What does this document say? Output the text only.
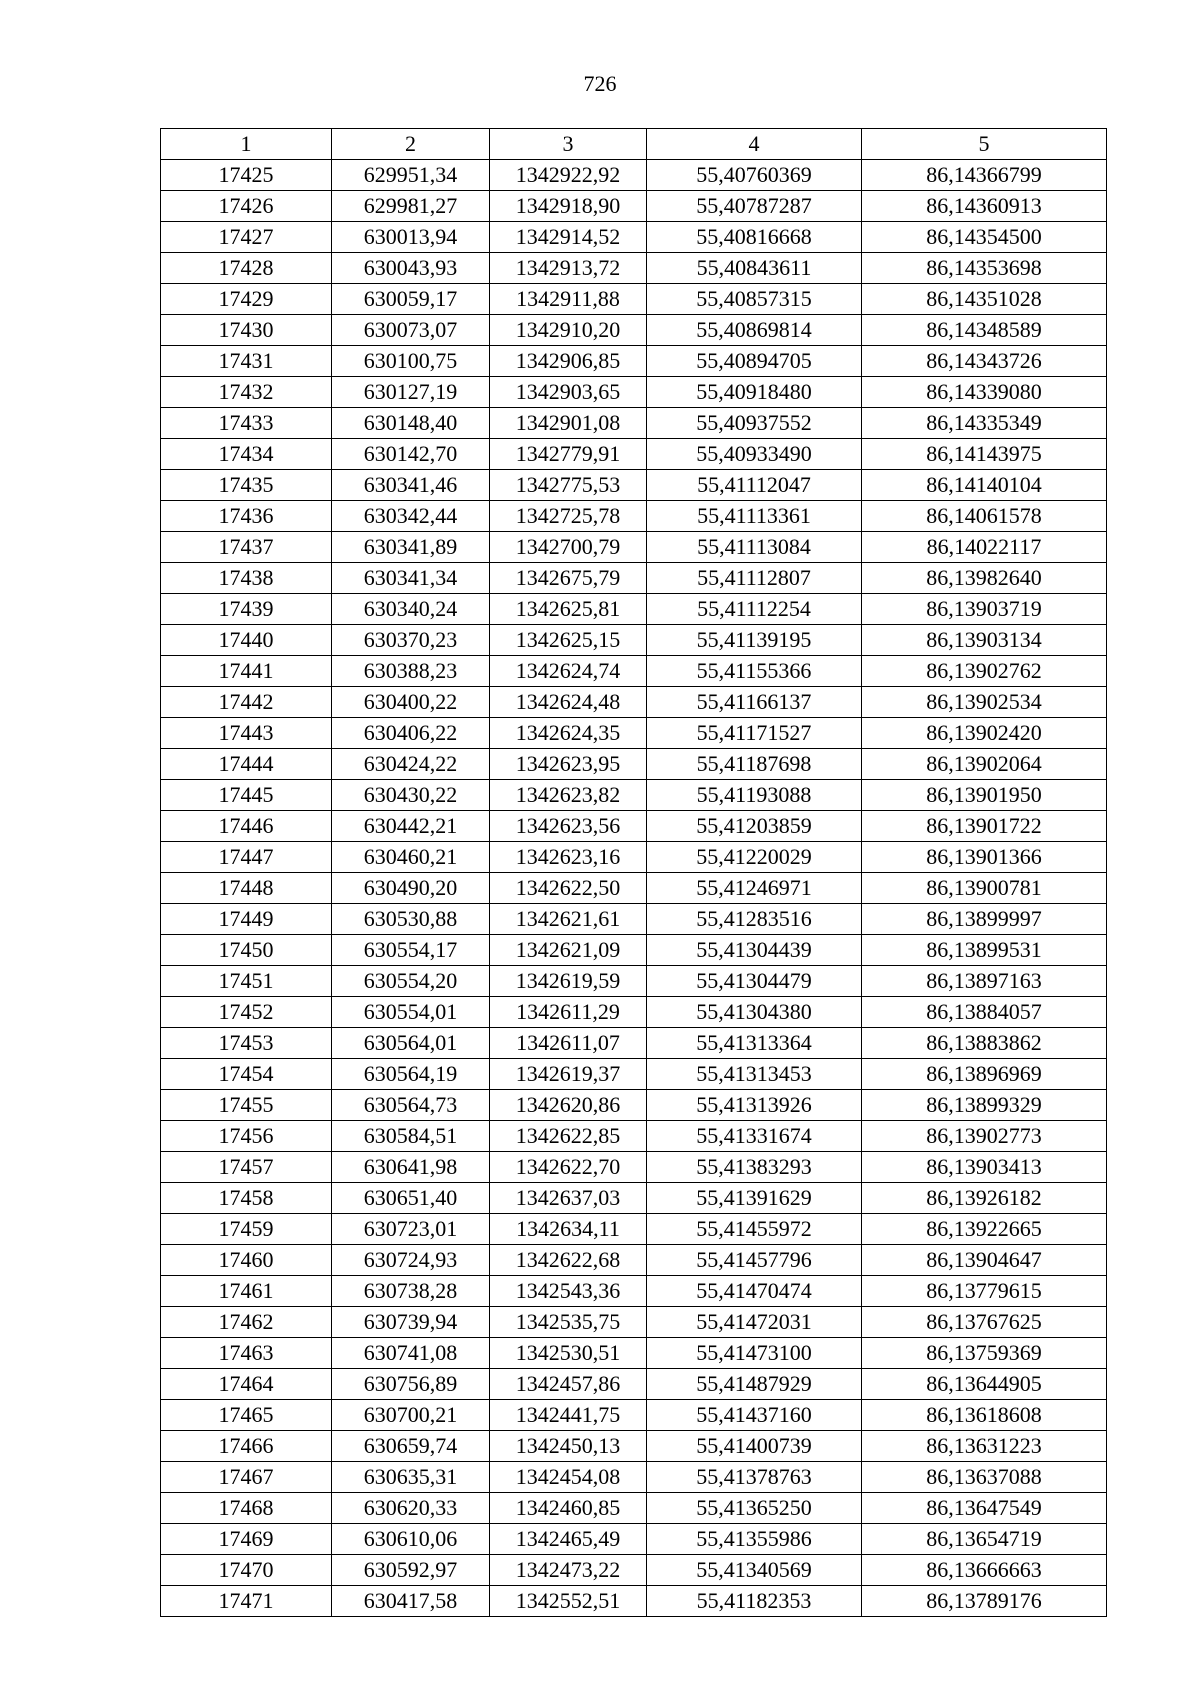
726
1	2	3	4	5
17425	629951,34	1342922,92	55,40760369	86,14366799
17426	629981,27	1342918,90	55,40787287	86,14360913
17427	630013,94	1342914,52	55,40816668	86,14354500
17428	630043,93	1342913,72	55,40843611	86,14353698
17429	630059,17	1342911,88	55,40857315	86,14351028
17430	630073,07	1342910,20	55,40869814	86,14348589
17431	630100,75	1342906,85	55,40894705	86,14343726
17432	630127,19	1342903,65	55,40918480	86,14339080
17433	630148,40	1342901,08	55,40937552	86,14335349
17434	630142,70	1342779,91	55,40933490	86,14143975
17435	630341,46	1342775,53	55,41112047	86,14140104
17436	630342,44	1342725,78	55,41113361	86,14061578
17437	630341,89	1342700,79	55,41113084	86,14022117
17438	630341,34	1342675,79	55,41112807	86,13982640
17439	630340,24	1342625,81	55,41112254	86,13903719
17440	630370,23	1342625,15	55,41139195	86,13903134
17441	630388,23	1342624,74	55,41155366	86,13902762
17442	630400,22	1342624,48	55,41166137	86,13902534
17443	630406,22	1342624,35	55,41171527	86,13902420
17444	630424,22	1342623,95	55,41187698	86,13902064
17445	630430,22	1342623,82	55,41193088	86,13901950
17446	630442,21	1342623,56	55,41203859	86,13901722
17447	630460,21	1342623,16	55,41220029	86,13901366
17448	630490,20	1342622,50	55,41246971	86,13900781
17449	630530,88	1342621,61	55,41283516	86,13899997
17450	630554,17	1342621,09	55,41304439	86,13899531
17451	630554,20	1342619,59	55,41304479	86,13897163
17452	630554,01	1342611,29	55,41304380	86,13884057
17453	630564,01	1342611,07	55,41313364	86,13883862
17454	630564,19	1342619,37	55,41313453	86,13896969
17455	630564,73	1342620,86	55,41313926	86,13899329
17456	630584,51	1342622,85	55,41331674	86,13902773
17457	630641,98	1342622,70	55,41383293	86,13903413
17458	630651,40	1342637,03	55,41391629	86,13926182
17459	630723,01	1342634,11	55,41455972	86,13922665
17460	630724,93	1342622,68	55,41457796	86,13904647
17461	630738,28	1342543,36	55,41470474	86,13779615
17462	630739,94	1342535,75	55,41472031	86,13767625
17463	630741,08	1342530,51	55,41473100	86,13759369
17464	630756,89	1342457,86	55,41487929	86,13644905
17465	630700,21	1342441,75	55,41437160	86,13618608
17466	630659,74	1342450,13	55,41400739	86,13631223
17467	630635,31	1342454,08	55,41378763	86,13637088
17468	630620,33	1342460,85	55,41365250	86,13647549
17469	630610,06	1342465,49	55,41355986	86,13654719
17470	630592,97	1342473,22	55,41340569	86,13666663
17471	630417,58	1342552,51	55,41182353	86,13789176
